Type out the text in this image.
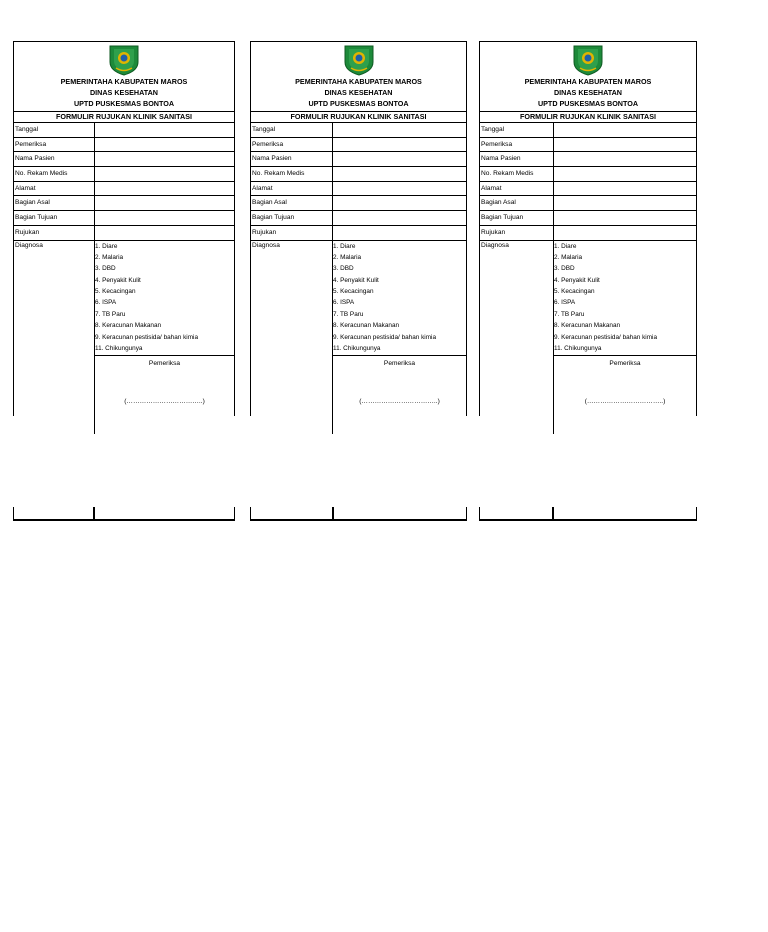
PEMERINTAHA KABUPATEN MAROS
DINAS KESEHATAN
UPTD PUSKESMAS BONTOA
FORMULIR RUJUKAN KLINIK SANITASI
Tanggal
Pemeriksa
Nama Pasien
No. Rekam Medis
Alamat
Bagian Asal
Bagian Tujuan
Rujukan
Diagnosa	1. Diare
2. Malaria
3. DBD
4. Penyakit Kulit
5. Kecacingan
6. ISPA
7. TB Paru
8. Keracunan Makanan
9. Keracunan pestisida/ bahan kimia
11. Chikungunya
Pemeriksa
(……………………………..)
PEMERINTAHA KABUPATEN MAROS
DINAS KESEHATAN
UPTD PUSKESMAS BONTOA
FORMULIR RUJUKAN KLINIK SANITASI
Tanggal
Pemeriksa
Nama Pasien
No. Rekam Medis
Alamat
Bagian Asal
Bagian Tujuan
Rujukan
Diagnosa	1. Diare
2. Malaria
3. DBD
4. Penyakit Kulit
5. Kecacingan
6. ISPA
7. TB Paru
8. Keracunan Makanan
9. Keracunan pestisida/ bahan kimia
11. Chikungunya
Pemeriksa
(……………………………..)
PEMERINTAHA KABUPATEN MAROS
DINAS KESEHATAN
UPTD PUSKESMAS BONTOA
FORMULIR RUJUKAN KLINIK SANITASI
Tanggal
Pemeriksa
Nama Pasien
No. Rekam Medis
Alamat
Bagian Asal
Bagian Tujuan
Rujukan
Diagnosa	1. Diare
2. Malaria
3. DBD
4. Penyakit Kulit
5. Kecacingan
6. ISPA
7. TB Paru
8. Keracunan Makanan
9. Keracunan pestisida/ bahan kimia
11. Chikungunya
Pemeriksa
(……………………………..)
